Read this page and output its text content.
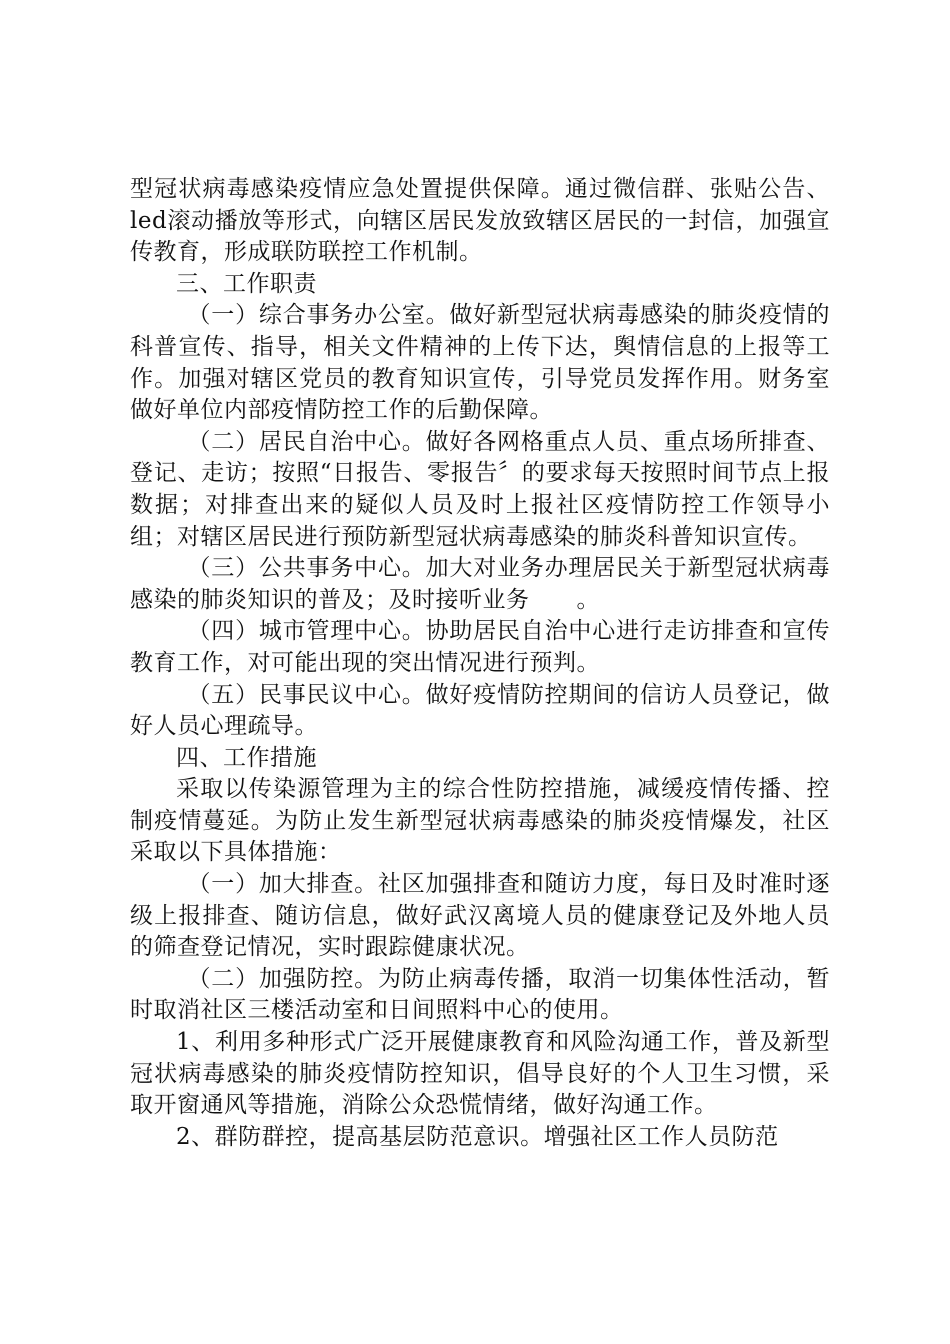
型冠状病毒感染疫情应急处置提供保障。通过微信群、张贴公告、led滚动播放等形式，向辖区居民发放致辖区居民的一封信，加强宣传教育，形成联防联控工作机制。

三、工作职责

（一）综合事务办公室。做好新型冠状病毒感染的肺炎疫情的科普宣传、指导，相关文件精神的上传下达，舆情信息的上报等工作。加强对辖区党员的教育知识宣传，引导党员发挥作用。财务室做好单位内部疫情防控工作的后勤保障。

（二）居民自治中心。做好各网格重点人员、重点场所排查、登记、走访；按照“日报告、零报告〞的要求每天按照时间节点上报数据；对排查出来的疑似人员及时上报社区疫情防控工作领导小组；对辖区居民进行预防新型冠状病毒感染的肺炎科普知识宣传。

（三）公共事务中心。加大对业务办理居民关于新型冠状病毒感染的肺炎知识的普及；及时接听业务　　。

（四）城市管理中心。协助居民自治中心进行走访排查和宣传教育工作，对可能出现的突出情况进行预判。

（五）民事民议中心。做好疫情防控期间的信访人员登记，做好人员心理疏导。

四、工作措施

采取以传染源管理为主的综合性防控措施，减缓疫情传播、控制疫情蔓延。为防止发生新型冠状病毒感染的肺炎疫情爆发，社区采取以下具体措施：

（一）加大排查。社区加强排查和随访力度，每日及时准时逐级上报排查、随访信息，做好武汉离境人员的健康登记及外地人员的筛查登记情况，实时跟踪健康状况。

（二）加强防控。为防止病毒传播，取消一切集体性活动，暂时取消社区三楼活动室和日间照料中心的使用。

1、利用多种形式广泛开展健康教育和风险沟通工作，普及新型冠状病毒感染的肺炎疫情防控知识，倡导良好的个人卫生习惯，采取开窗通风等措施，消除公众恐慌情绪，做好沟通工作。

2、群防群控，提高基层防范意识。增强社区工作人员防范
